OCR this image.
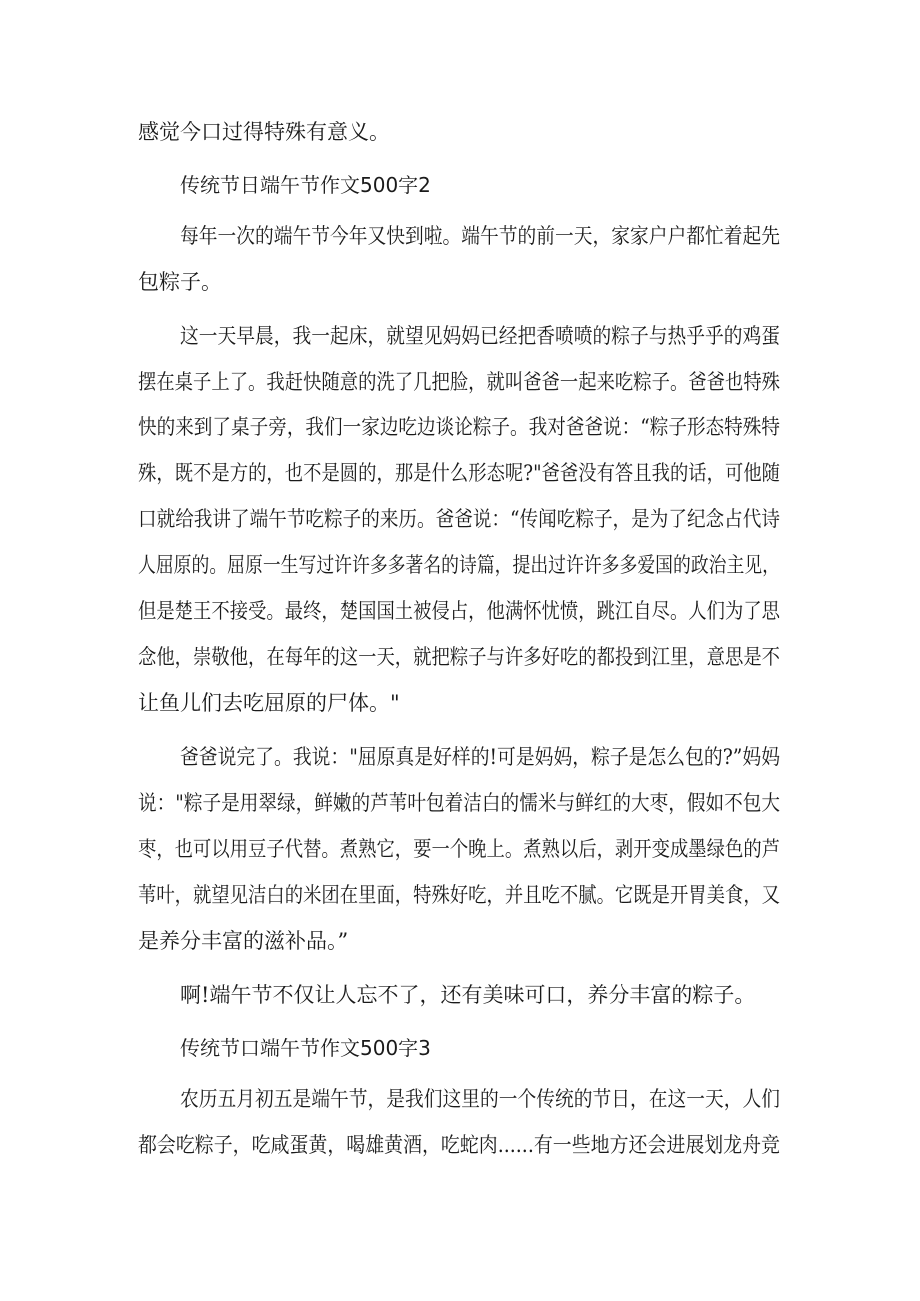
感觉今口过得特殊有意义。
传统节日端午节作文500字2
每年一次的端午节今年又快到啦。端午节的前一天，家家户户都忙着起先
包粽子。
这一天早晨，我一起床，就望见妈妈已经把香喷喷的粽子与热乎乎的鸡蛋
摆在桌子上了。我赶快随意的洗了几把脸，就叫爸爸一起来吃粽子。爸爸也特殊
快的来到了桌子旁，我们一家边吃边谈论粽子。我对爸爸说：“粽子形态特殊特
殊，既不是方的，也不是圆的，那是什么形态呢?"爸爸没有答且我的话，可他随
口就给我讲了端午节吃粽子的来历。爸爸说：“传闻吃粽子，是为了纪念占代诗
人屈原的。屈原一生写过许许多多著名的诗篇，提出过许许多多爱国的政治主见，
但是楚王不接受。最终，楚国国土被侵占，他满怀忧愤，跳江自尽。人们为了思
念他，崇敬他，在每年的这一天，就把粽子与许多好吃的都投到江里，意思是不
让鱼儿们去吃屈原的尸体。"
爸爸说完了。我说："屈原真是好样的!可是妈妈，粽子是怎么包的?”妈妈
说："粽子是用翠绿，鲜嫩的芦苇叶包着洁白的懦米与鲜红的大枣，假如不包大
枣，也可以用豆子代替。煮熟它，要一个晚上。煮熟以后，剥开变成墨绿色的芦
苇叶，就望见洁白的米团在里面，特殊好吃，并且吃不腻。它既是开胃美食，又
是养分丰富的滋补品。”
啊!端午节不仅让人忘不了，还有美味可口，养分丰富的粽子。
传统节口端午节作文500字3
农历五月初五是端午节，是我们这里的一个传统的节日，在这一天，人们
都会吃粽子，吃咸蛋黄，喝雄黄酒，吃蛇肉......有一些地方还会进展划龙舟竞
